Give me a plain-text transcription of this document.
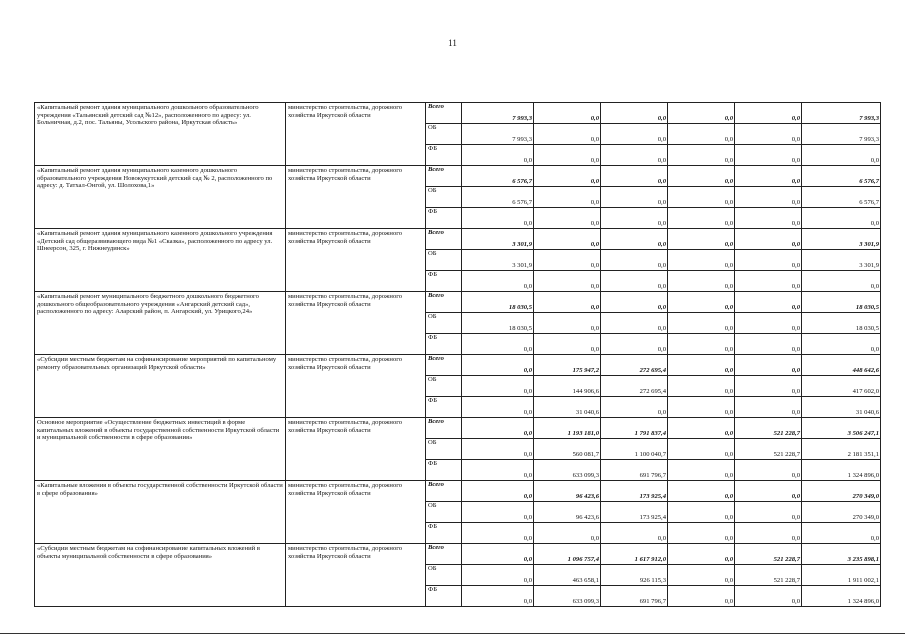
11
«Капитальный ремонт здания муниципального дошкольного образовательного учреждения «Тальянский детский сад №12», расположенного по адресу: ул. Больничная, д.2, пос. Тальяны, Усольского района, Иркутская область»	министерство строительства, дорожного хозяйства Иркутской области	Всего	7 993,3	0,0	0,0	0,0	0,0	7 993,3
		ОБ	7 993,3	0,0	0,0	0,0	0,0	7 993,3
		ФБ	0,0	0,0	0,0	0,0	0,0	0,0
«Капитальный ремонт здания муниципального казенного дошкольного образовательного учреждения Новокукутский детский сад № 2, расположенного по адресу: д. Татхал-Онгой, ул. Шолохова,1»	министерство строительства, дорожного хозяйства Иркутской области	Всего	6 576,7	0,0	0,0	0,0	0,0	6 576,7
		ОБ	6 576,7	0,0	0,0	0,0	0,0	6 576,7
		ФБ	0,0	0,0	0,0	0,0	0,0	0,0
«Капитальный ремонт здания муниципального казенного дошкольного учреждения «Детский сад общеразвивающего вида №1 «Сказка», расположенного по адресу ул. Шнеерсон, 325, г. Нижнеудинск»	министерство строительства, дорожного хозяйства Иркутской области	Всего	3 301,9	0,0	0,0	0,0	0,0	3 301,9
		ОБ	3 301,9	0,0	0,0	0,0	0,0	3 301,9
		ФБ	0,0	0,0	0,0	0,0	0,0	0,0
«Капитальный ремонт муниципального бюджетного дошкольного бюджетного дошкольного общеобразовательного учреждения «Ангарский детский сад», расположенного по адресу: Аларский район, п. Ангарский, ул. Урицкого,24»	министерство строительства, дорожного хозяйства Иркутской области	Всего	18 030,5	0,0	0,0	0,0	0,0	18 030,5
		ОБ	18 030,5	0,0	0,0	0,0	0,0	18 030,5
		ФБ	0,0	0,0	0,0	0,0	0,0	0,0
«Субсидии местным бюджетам на софинансирование мероприятий по капитальному ремонту образовательных организаций Иркутской области»	министерство строительства, дорожного хозяйства Иркутской области	Всего	0,0	175 947,2	272 695,4	0,0	0,0	448 642,6
		ОБ	0,0	144 906,6	272 695,4	0,0	0,0	417 602,0
		ФБ	0,0	31 040,6	0,0	0,0	0,0	31 040,6
Основное мероприятие «Осуществление бюджетных инвестиций в форме капитальных вложений в объекты государственной собственности Иркутской области и муниципальной собственности в сфере образования»	министерство строительства, дорожного хозяйства Иркутской области	Всего	0,0	1 193 181,0	1 791 837,4	0,0	521 228,7	3 506 247,1
		ОБ	0,0	560 081,7	1 100 040,7	0,0	521 228,7	2 181 351,1
		ФБ	0,0	633 099,3	691 796,7	0,0	0,0	1 324 896,0
«Капитальные вложения в объекты государственной собственности Иркутской области в сфере образования»	министерство строительства, дорожного хозяйства Иркутской области	Всего	0,0	96 423,6	173 925,4	0,0	0,0	270 349,0
		ОБ	0,0	96 423,6	173 925,4	0,0	0,0	270 349,0
		ФБ	0,0	0,0	0,0	0,0	0,0	0,0
«Субсидии местным бюджетам на софинансирование капитальных вложений в объекты муниципальной собственности в сфере образования»	министерство строительства, дорожного хозяйства Иркутской области	Всего	0,0	1 096 757,4	1 617 912,0	0,0	521 228,7	3 235 898,1
		ОБ	0,0	463 658,1	926 115,3	0,0	521 228,7	1 911 002,1
		ФБ	0,0	633 099,3	691 796,7	0,0	0,0	1 324 896,0
